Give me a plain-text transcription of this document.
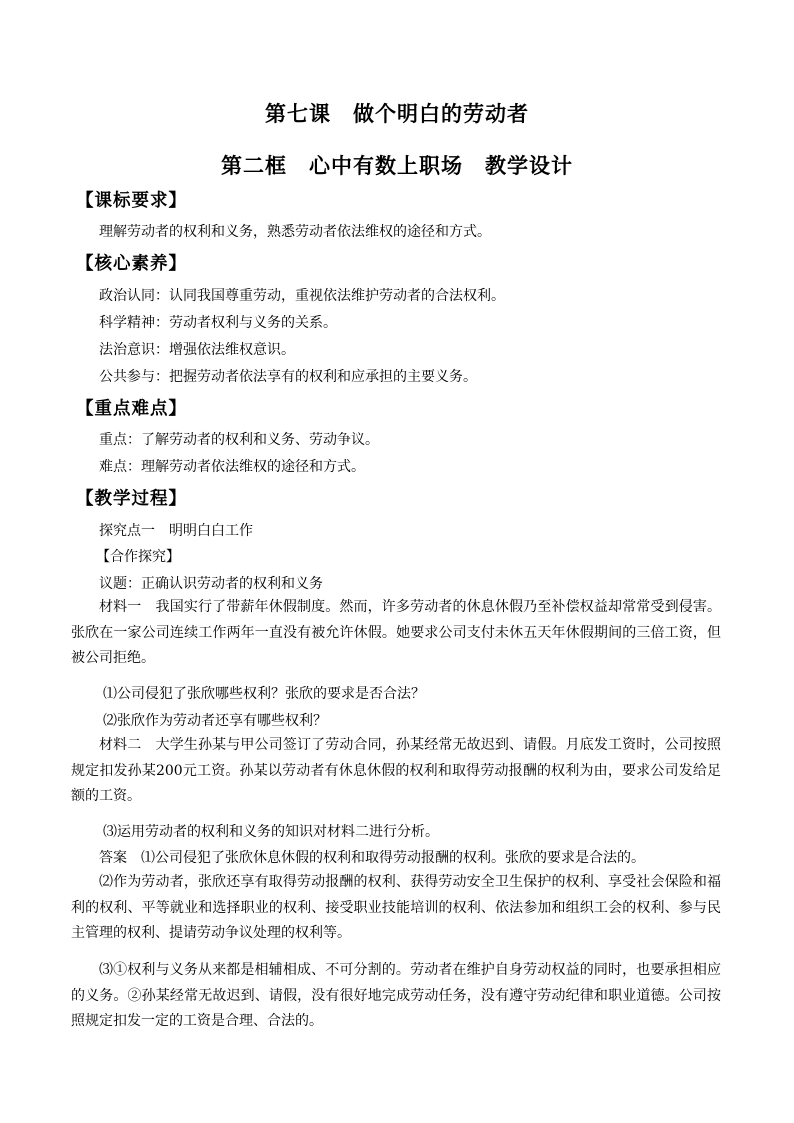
第七课　做个明白的劳动者
第二框　心中有数上职场　教学设计
【课标要求】
理解劳动者的权利和义务，熟悉劳动者依法维权的途径和方式。
【核心素养】
政治认同：认同我国尊重劳动，重视依法维护劳动者的合法权利。
科学精神：劳动者权利与义务的关系。
法治意识：增强依法维权意识。
公共参与：把握劳动者依法享有的权利和应承担的主要义务。
【重点难点】
重点：了解劳动者的权利和义务、劳动争议。
难点：理解劳动者依法维权的途径和方式。
【教学过程】
探究点一　明明白白工作
【合作探究】
议题：正确认识劳动者的权利和义务
材料一　我国实行了带薪年休假制度。然而，许多劳动者的休息休假乃至补偿权益却常常受到侵害。张欣在一家公司连续工作两年一直没有被允许休假。她要求公司支付未休五天年休假期间的三倍工资，但被公司拒绝。
⑴公司侵犯了张欣哪些权利？张欣的要求是否合法？
⑵张欣作为劳动者还享有哪些权利？
材料二　大学生孙某与甲公司签订了劳动合同，孙某经常无故迟到、请假。月底发工资时，公司按照规定扣发孙某200元工资。孙某以劳动者有休息休假的权利和取得劳动报酬的权利为由，要求公司发给足额的工资。
⑶运用劳动者的权利和义务的知识对材料二进行分析。
答案　⑴公司侵犯了张欣休息休假的权利和取得劳动报酬的权利。张欣的要求是合法的。
⑵作为劳动者，张欣还享有取得劳动报酬的权利、获得劳动安全卫生保护的权利、享受社会保险和福利的权利、平等就业和选择职业的权利、接受职业技能培训的权利、依法参加和组织工会的权利、参与民主管理的权利、提请劳动争议处理的权利等。
⑶①权利与义务从来都是相辅相成、不可分割的。劳动者在维护自身劳动权益的同时，也要承担相应的义务。②孙某经常无故迟到、请假，没有很好地完成劳动任务，没有遵守劳动纪律和职业道德。公司按照规定扣发一定的工资是合理、合法的。
